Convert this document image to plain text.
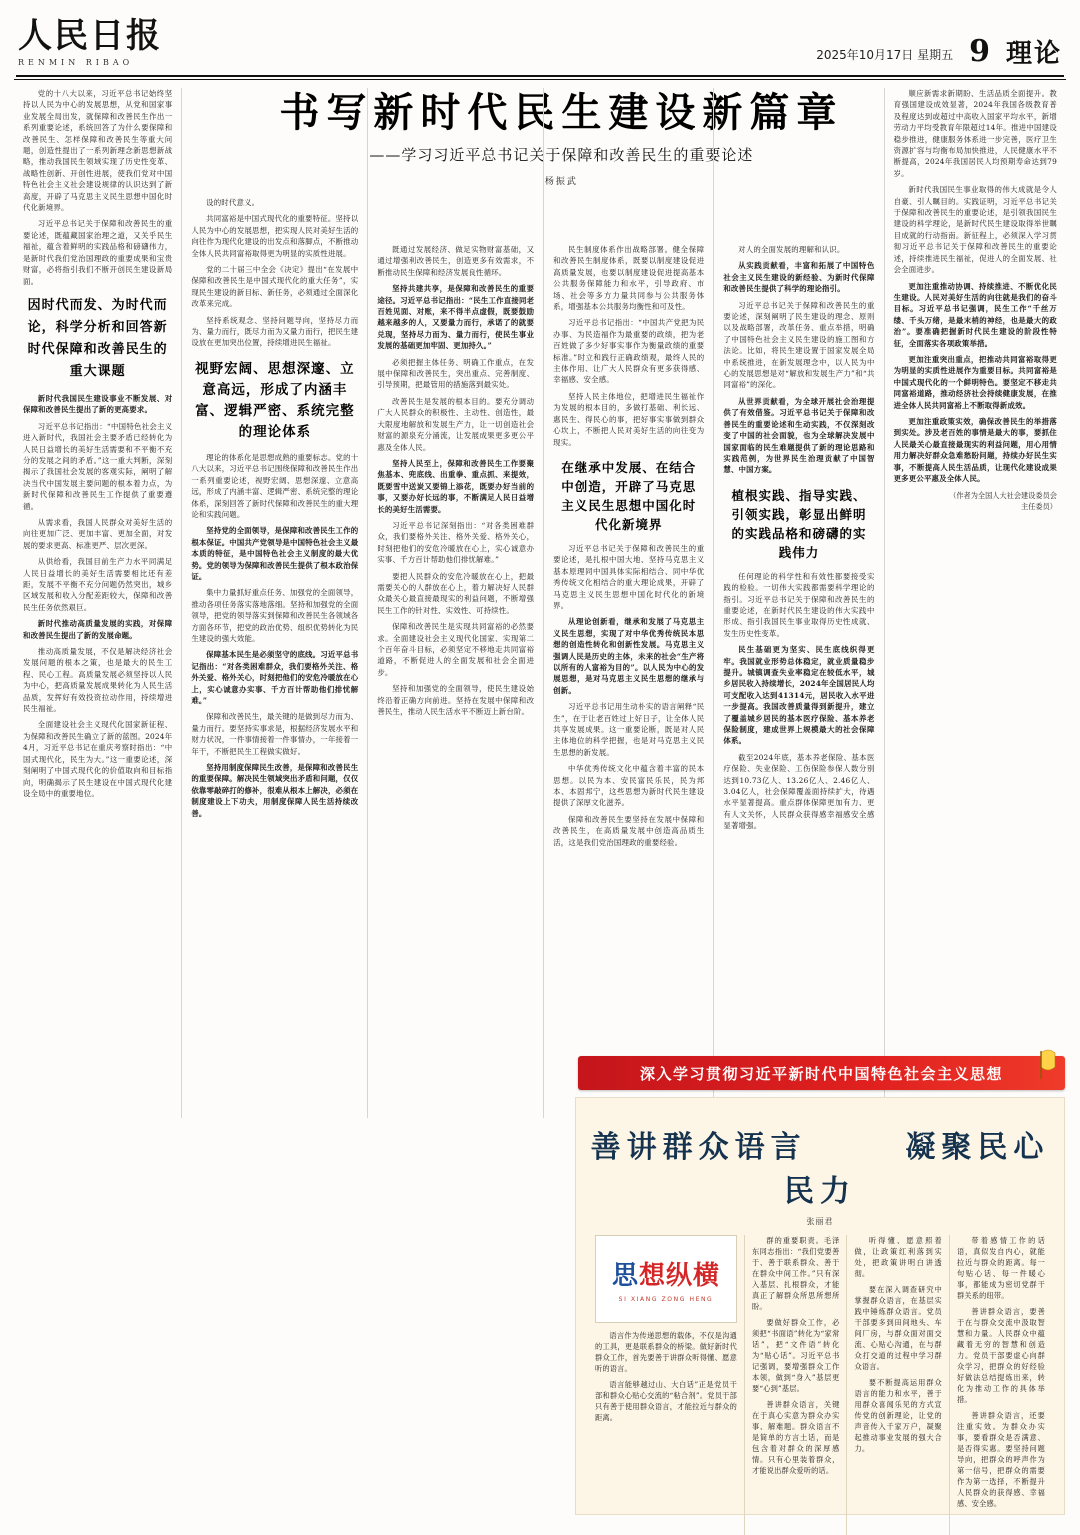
人民日报
RENMIN RIBAO
2025年10月17日 星期五 9 理论

党的十八大以来，习近平总书记始终坚持以人民为中心的发展思想，从党和国家事业发展全局出发，就保障和改善民生作出一系列重要论述，系统回答了为什么要保障和改善民生、怎样保障和改善民生等重大问题，创造性提出了一系列新理念新思想新战略，推动我国民生领域实现了历史性变革、战略性创新、开创性进展，使我们党对中国特色社会主义社会建设规律的认识达到了新高度，开辟了马克思主义民生思想中国化时代化新境界。

习近平总书记关于保障和改善民生的重要论述，既蕴藏国家治理之道，又关乎民生福祉，蕴含着鲜明的实践品格和磅礴伟力，是新时代我们党治国理政的重要成果和宝贵财富，必将指引我们不断开创民生建设新局面。

因时代而发、为时代而论，科学分析和回答新时代保障和改善民生的重大课题

新时代我国民生建设事业不断发展、对保障和改善民生提出了新的更高要求。

习近平总书记指出：“中国特色社会主义进入新时代，我国社会主要矛盾已经转化为人民日益增长的美好生活需要和不平衡不充分的发展之间的矛盾。”这一重大判断，深刻揭示了我国社会发展的客观实际，阐明了解决当代中国发展主要问题的根本着力点，为新时代保障和改善民生工作提供了重要遵循。

从需求看，我国人民群众对美好生活的向往更加广泛、更加丰富、更加全面，对发展的要求更高、标准更严、层次更深。

从供给看，我国目前生产力水平同满足人民日益增长的美好生活需要相比还有差距，发展不平衡不充分问题仍然突出，城乡区域发展和收入分配差距较大，保障和改善民生任务依然艰巨。

新时代推动高质量发展的实践，对保障和改善民生提出了新的发展命题。

推动高质量发展，不仅是解决经济社会发展问题的根本之策，也是最大的民生工程、民心工程。高质量发展必须坚持以人民为中心，把高质量发展成果转化为人民生活品质，发挥好有效投资拉动作用，持续增进民生福祉。

全面建设社会主义现代化国家新征程、为保障和改善民生确立了新的蓝图。2024年4月，习近平总书记在重庆考察时指出：“中国式现代化，民生为大。”这一重要论述，深刻阐明了中国式现代化的价值取向和目标指向，明确揭示了民生建设在中国式现代化建设全局中的重要地位。

书写新时代民生建设新篇章
——学习习近平总书记关于保障和改善民生的重要论述
杨振武

设的时代意义。

共同富裕是中国式现代化的重要特征。坚持以人民为中心的发展思想，把实现人民对美好生活的向往作为现代化建设的出发点和落脚点，不断推动全体人民共同富裕取得更为明显的实质性进展。

党的二十届三中全会《决定》提出“在发展中保障和改善民生是中国式现代化的重大任务”，实现民生建设的新目标、新任务，必须通过全面深化改革来完成。

坚持系统观念、坚持问题导向，坚持尽力而为、量力而行，既尽力而为又量力而行，把民生建设放在更加突出位置，持续增进民生福祉。

视野宏阔、思想深邃、立意高远，形成了内涵丰富、逻辑严密、系统完整的理论体系

理论的体系化是思想成熟的重要标志。党的十八大以来，习近平总书记围绕保障和改善民生作出一系列重要论述，视野宏阔、思想深邃、立意高远，形成了内涵丰富、逻辑严密、系统完整的理论体系，深刻回答了新时代保障和改善民生的重大理论和实践问题。

坚持党的全面领导，是保障和改善民生工作的根本保证。中国共产党领导是中国特色社会主义最本质的特征，是中国特色社会主义制度的最大优势。党的领导为保障和改善民生提供了根本政治保证。

集中力量抓好重点任务、加强党的全面领导，推动各项任务落实落地落细。坚持和加强党的全面领导，把党的领导落实到保障和改善民生各领域各方面各环节，把党的政治优势、组织优势转化为民生建设的强大效能。

保障基本民生是必须坚守的底线。习近平总书记指出：“对各类困难群众，我们要格外关注、格外关爱、格外关心，时刻把他们的安危冷暖放在心上，实心诚意办实事、千方百计帮助他们排忧解难。”

保障和改善民生，最关键的是做到尽力而为、量力而行。要坚持实事求是，根据经济发展水平和财力状况，一件事情接着一件事情办，一年接着一年干，不断把民生工程做实做好。

坚持用制度保障民生改善，是保障和改善民生的重要保障。解决民生领域突出矛盾和问题，仅仅依靠零敲碎打的修补，很难从根本上解决，必须在制度建设上下功夫，用制度保障人民生活持续改善。

既通过发展经济、做足实物财富基础，又通过增强利改善民生，创造更多有效需求，不断推动民生保障和经济发展良性循环。

坚持共建共享，是保障和改善民生的重要途径。习近平总书记指出：“民生工作直接同老百姓见面、对账，来不得半点虚假，既要鼓励越来越多的人，又要量力而行，承诺了的就要兑现，坚持尽力而为、量力而行，使民生事业发展的基础更加牢固、更加持久。”

必须把握主体任务、明确工作重点，在发展中保障和改善民生，突出重点、完善制度、引导预期，把最管用的措施落到最实处。

改善民生是发展的根本目的。要充分调动广大人民群众的积极性、主动性、创造性，最大限度地解放和发展生产力，让一切创造社会财富的源泉充分涌流，让发展成果更多更公平惠及全体人民。

坚持人民至上，保障和改善民生工作要聚焦基本、兜底线、出重拳、重点抓、来提效，既要雪中送炭又要锦上添花，既要办好当前的事，又要办好长远的事，不断满足人民日益增长的美好生活需要。

习近平总书记深刻指出：“对各类困难群众，我们要格外关注、格外关爱、格外关心，时刻把他们的安危冷暖放在心上，实心诚意办实事、千方百计帮助他们排忧解难。”

要把人民群众的安危冷暖放在心上，把最需要关心的人群放在心上，着力解决好人民群众最关心最直接最现实的利益问题，不断增强民生工作的针对性、实效性、可持续性。

保障和改善民生是实现共同富裕的必然要求。全面建设社会主义现代化国家、实现第二个百年奋斗目标，必须坚定不移地走共同富裕道路，不断促进人的全面发展和社会全面进步。

坚持和加强党的全面领导，使民生建设始终沿着正确方向前进。坚持在发展中保障和改善民生，推动人民生活水平不断迈上新台阶。

民生制度体系作出战略部署。健全保障和改善民生制度体系，既要以制度建设促进高质量发展，也要以制度建设促进提高基本公共服务保障能力和水平，引导政府、市场、社会等多方力量共同参与公共服务体系，增强基本公共服务均衡性和可及性。

习近平总书记指出：“中国共产党把为民办事、为民造福作为最重要的政绩，把为老百姓做了多少好事实事作为衡量政绩的重要标准。”时立和践行正确政绩观，最终人民的主体作用、让广大人民群众有更多获得感、幸福感、安全感。

坚持人民主体地位，把增进民生福祉作为发展的根本目的，多做打基础、利长远、惠民生、得民心的事，把好事实事做到群众心坎上，不断把人民对美好生活的向往变为现实。

在继承中发展、在结合中创造，开辟了马克思主义民生思想中国化时代化新境界

习近平总书记关于保障和改善民生的重要论述，是扎根中国大地、坚持马克思主义基本原理同中国具体实际相结合、同中华优秀传统文化相结合的重大理论成果，开辟了马克思主义民生思想中国化时代化的新境界。

从理论创新看，继承和发展了马克思主义民生思想，实现了对中华优秀传统民本思想的创造性转化和创新性发展。马克思主义强调人民是历史的主体，未来的社会“生产将以所有的人富裕为目的”。以人民为中心的发展思想，是对马克思主义民生思想的继承与创新。

习近平总书记用生动朴实的语言阐释“民生”，在于让老百姓过上好日子，让全体人民共享发展成果。这一重要论断，既是对人民主体地位的科学把握，也是对马克思主义民生思想的新发展。

中华优秀传统文化中蕴含着丰富的民本思想。以民为本、安民富民乐民，民为邦本、本固邦宁，这些思想为新时代民生建设提供了深厚文化滋养。

保障和改善民生要坚持在发展中保障和改善民生，在高质量发展中创造高品质生活，这是我们党治国理政的重要经验。

对人的全面发展的理解和认识。

从实践贡献看，丰富和拓展了中国特色社会主义民生建设的新经验、为新时代保障和改善民生提供了科学的理论指引。

习近平总书记关于保障和改善民生的重要论述，深刻阐明了民生建设的理念、原则以及战略部署，改革任务、重点举措，明确了中国特色社会主义民生建设的施工图和方法论。比如，将民生建设置于国家发展全局中系统推进，在新发展理念中，以人民为中心的发展思想是对“解放和发展生产力”和“共同富裕”的深化。

从世界贡献看，为全球开展社会治理提供了有效借鉴。习近平总书记关于保障和改善民生的重要论述和生动实践，不仅深刻改变了中国的社会面貌，也为全球解决发展中国家面临的民生难题提供了新的理论思路和实践范例，为世界民生治理贡献了中国智慧、中国方案。

植根实践、指导实践、引领实践，彰显出鲜明的实践品格和磅礴的实践伟力

任何理论的科学性和有效性都要接受实践的检验。一切伟大实践都需要科学理论的指引。习近平总书记关于保障和改善民生的重要论述，在新时代民生建设的伟大实践中形成、指引我国民生事业取得历史性成就、发生历史性变革。

民生基础更为坚实、民生底线织得更牢。我国就业形势总体稳定，就业质量稳步提升。城镇调查失业率稳定在较低水平，城乡居民收入持续增长，2024年全国居民人均可支配收入达到41314元，居民收入水平进一步提高。我国改善质量得到新提升，建立了覆盖城乡居民的基本医疗保险、基本养老保险制度，建成世界上规模最大的社会保障体系。

截至2024年底，基本养老保险、基本医疗保险、失业保险、工伤保险参保人数分别达到10.73亿人、13.26亿人、2.46亿人、3.04亿人，社会保障覆盖面持续扩大，待遇水平显著提高。重点群体保障更加有力、更有人文关怀，人民群众获得感幸福感安全感显著增强。

顺应新需求新期盼、生活品质全面提升。教育强国建设成效显著，2024年我国各级教育普及程度达到或超过中高收入国家平均水平，新增劳动力平均受教育年限超过14年。推进中国建设稳步推进，健康服务体系进一步完善，医疗卫生资源扩容与均衡布局加快推进，人民健康水平不断提高，2024年我国居民人均预期寿命达到79岁。

新时代我国民生事业取得的伟大成就是令人自豪、引人瞩目的。实践证明，习近平总书记关于保障和改善民生的重要论述，是引领我国民生建设的科学理论，是新时代民生建设取得举世瞩目成就的行动指南。新征程上，必须深入学习贯彻习近平总书记关于保障和改善民生的重要论述，持续推进民生福祉，促进人的全面发展、社会全面进步。

更加注重推动协调、持续推进、不断优化民生建设。人民对美好生活的向往就是我们的奋斗目标。习近平总书记强调，民生工作“千丝万缕、千头万绪，是最末梢的神经，也是最大的政治”。要准确把握新时代民生建设的阶段性特征，全面落实各项政策举措。

更加注重突出重点，把推动共同富裕取得更为明显的实质性进展作为重要目标。共同富裕是中国式现代化的一个鲜明特色。要坚定不移走共同富裕道路，推动经济社会持续健康发展，在推进全体人民共同富裕上不断取得新成效。

更加注重政策实效，确保改善民生的举措落到实处。涉及老百姓的事情是最大的事，要抓住人民最关心最直接最现实的利益问题，用心用情用力解决好群众急难愁盼问题，持续办好民生实事，不断提高人民生活品质，让现代化建设成果更多更公平惠及全体人民。

（作者为全国人大社会建设委员会
主任委员）
深入学习贯彻习近平新时代中国特色社会主义思想
善讲群众语言	凝聚民心民力
张丽君
思想纵横
SI XIANG ZONG HENG

语言作为传递思想的载体，不仅是沟通的工具，更是联系群众的桥梁。做好新时代群众工作，首先要善于讲群众听得懂、愿意听的语言。

语言能够越过山、大白话”正是党员干部和群众心贴心交流的“粘合剂”。党员干部只有善于使用群众语言，才能拉近与群众的距离。

群的重要职责。毛泽东同志指出：“我们党要善于、善于联系群众、善于在群众中间工作。”只有深入基层、扎根群众，才能真正了解群众所思所想所盼。

要做好群众工作，必须把“书面语”转化为“家常话”，把“文件语”转化为“贴心话”。习近平总书记强调，要增强群众工作本领，做到“身入”基层更要“心到”基层。

善讲群众语言，关键在于真心实意为群众办实事、解难题。群众语言不是简单的方言土话，而是包含着对群众的深厚感情。只有心里装着群众，才能说出群众爱听的话。

听得懂、愿意照着做，让政策红利落到实处，把政策讲明白讲透彻。

要在深入调查研究中掌握群众语言，在基层实践中锤炼群众语言。党员干部要多到田间地头、车间厂房，与群众面对面交流、心贴心沟通，在与群众打交道的过程中学习群众语言。

要不断提高运用群众语言的能力和水平，善于用群众喜闻乐见的方式宣传党的创新理论，让党的声音传入千家万户，凝聚起推动事业发展的强大合力。

带着感情工作的话语，真似发自内心，就能拉近与群众的距离。每一句贴心话、每一件暖心事，都能成为密切党群干群关系的纽带。

善讲群众语言，要善于在与群众交流中汲取智慧和力量。人民群众中蕴藏着无穷的智慧和创造力。党员干部要虚心向群众学习，把群众的好经验好做法总结提炼出来，转化为推动工作的具体举措。

善讲群众语言，还要注重实效。为群众办实事，要看群众是否满意、是否得实惠。要坚持问题导向，把群众的呼声作为第一信号，把群众的需要作为第一选择，不断提升人民群众的获得感、幸福感、安全感。
